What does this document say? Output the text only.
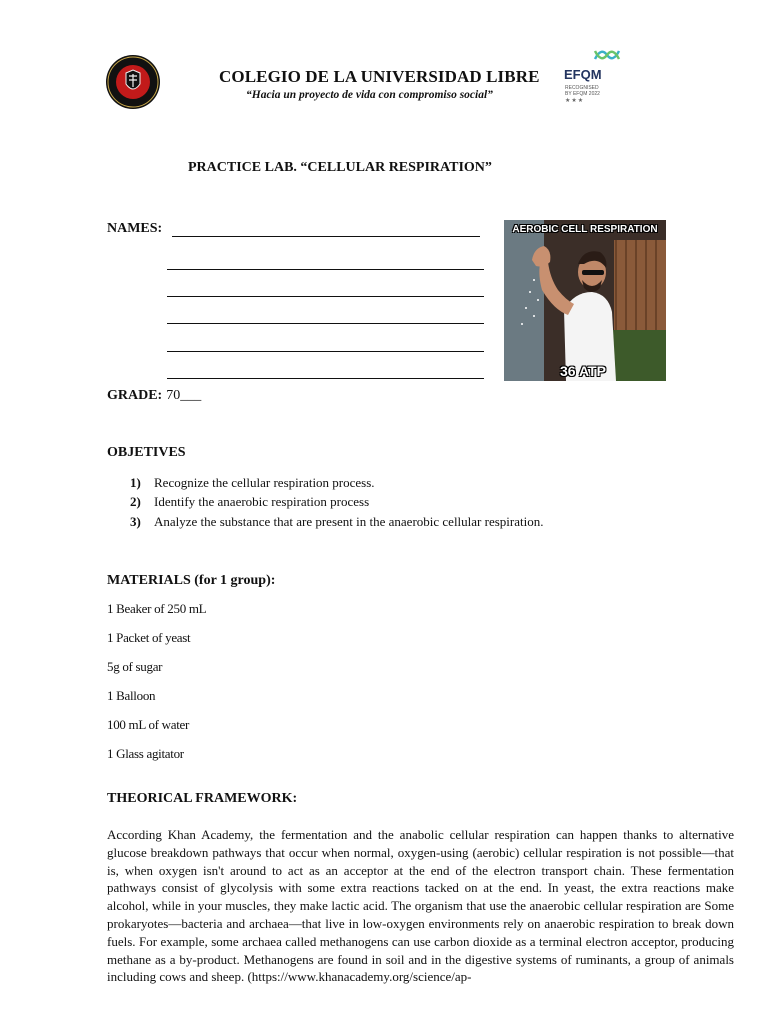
COLEGIO DE LA UNIVERSIDAD LIBRE
“Hacia un proyecto de vida con compromiso social”
EFQM
RECOGNISED
BY EFQM 2022
★★★
PRACTICE LAB. “CELLULAR RESPIRATION”
NAMES:
GRADE: 70___
AEROBIC CELL RESPIRATION
36 ATP
OBJETIVES
1) Recognize the cellular respiration process.
2) Identify the anaerobic respiration process
3) Analyze the substance that are present in the anaerobic cellular respiration.
MATERIALS (for 1 group):
1 Beaker of 250 mL
1 Packet of yeast
5g of sugar
1 Balloon
100 mL of water
1 Glass agitator
THEORICAL FRAMEWORK:
According Khan Academy, the fermentation and the anabolic cellular respiration can happen thanks to alternative glucose breakdown pathways that occur when normal, oxygen-using (aerobic) cellular respiration is not possible—that is, when oxygen isn't around to act as an acceptor at the end of the electron transport chain. These fermentation pathways consist of glycolysis with some extra reactions tacked on at the end. In yeast, the extra reactions make alcohol, while in your muscles, they make lactic acid. The organism that use the anaerobic cellular respiration are Some prokaryotes—bacteria and archaea—that live in low-oxygen environments rely on anaerobic respiration to break down fuels. For example, some archaea called methanogens can use carbon dioxide as a terminal electron acceptor, producing methane as a by-product. Methanogens are found in soil and in the digestive systems of ruminants, a group of animals including cows and sheep. (https://www.khanacademy.org/science/ap-
